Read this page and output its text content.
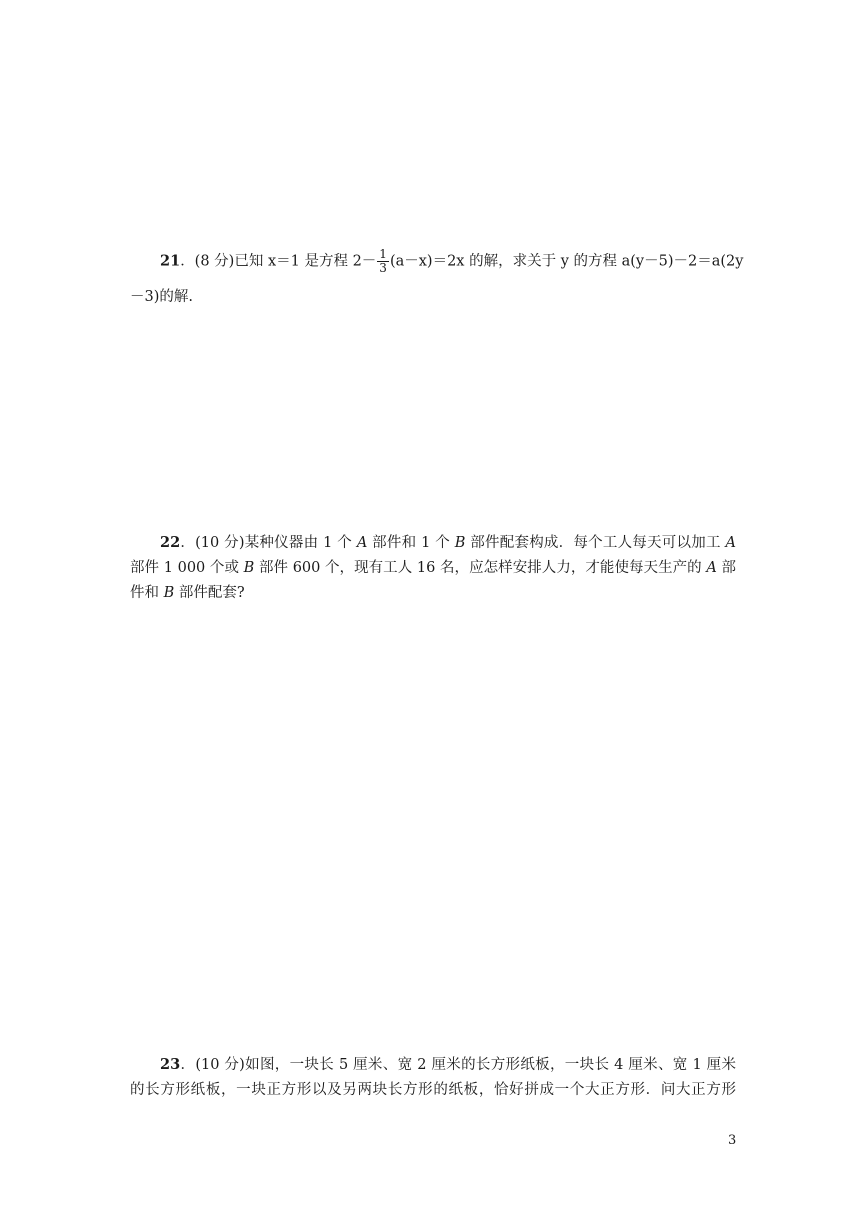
21．(8 分)已知 x＝1 是方程 $2- \frac{1}{3} (a-x)=2x$ 的解，求关于 y 的方程 a(y－5)－2＝a(2y
－3)的解.
22．(10 分)某种仪器由 1 个 A 部件和 1 个 B 部件配套构成．每个工人每天可以加工 A
部件 1 000 个或 B 部件 600 个，现有工人 16 名，应怎样安排人力，才能使每天生产的 A 部
件和 B 部件配套?
23．(10 分)如图，一块长 5 厘米、宽 2 厘米的长方形纸板，一块长 4 厘米、宽 1 厘米
的长方形纸板，一块正方形以及另两块长方形的纸板，恰好拼成一个大正方形．问大正方形
3
